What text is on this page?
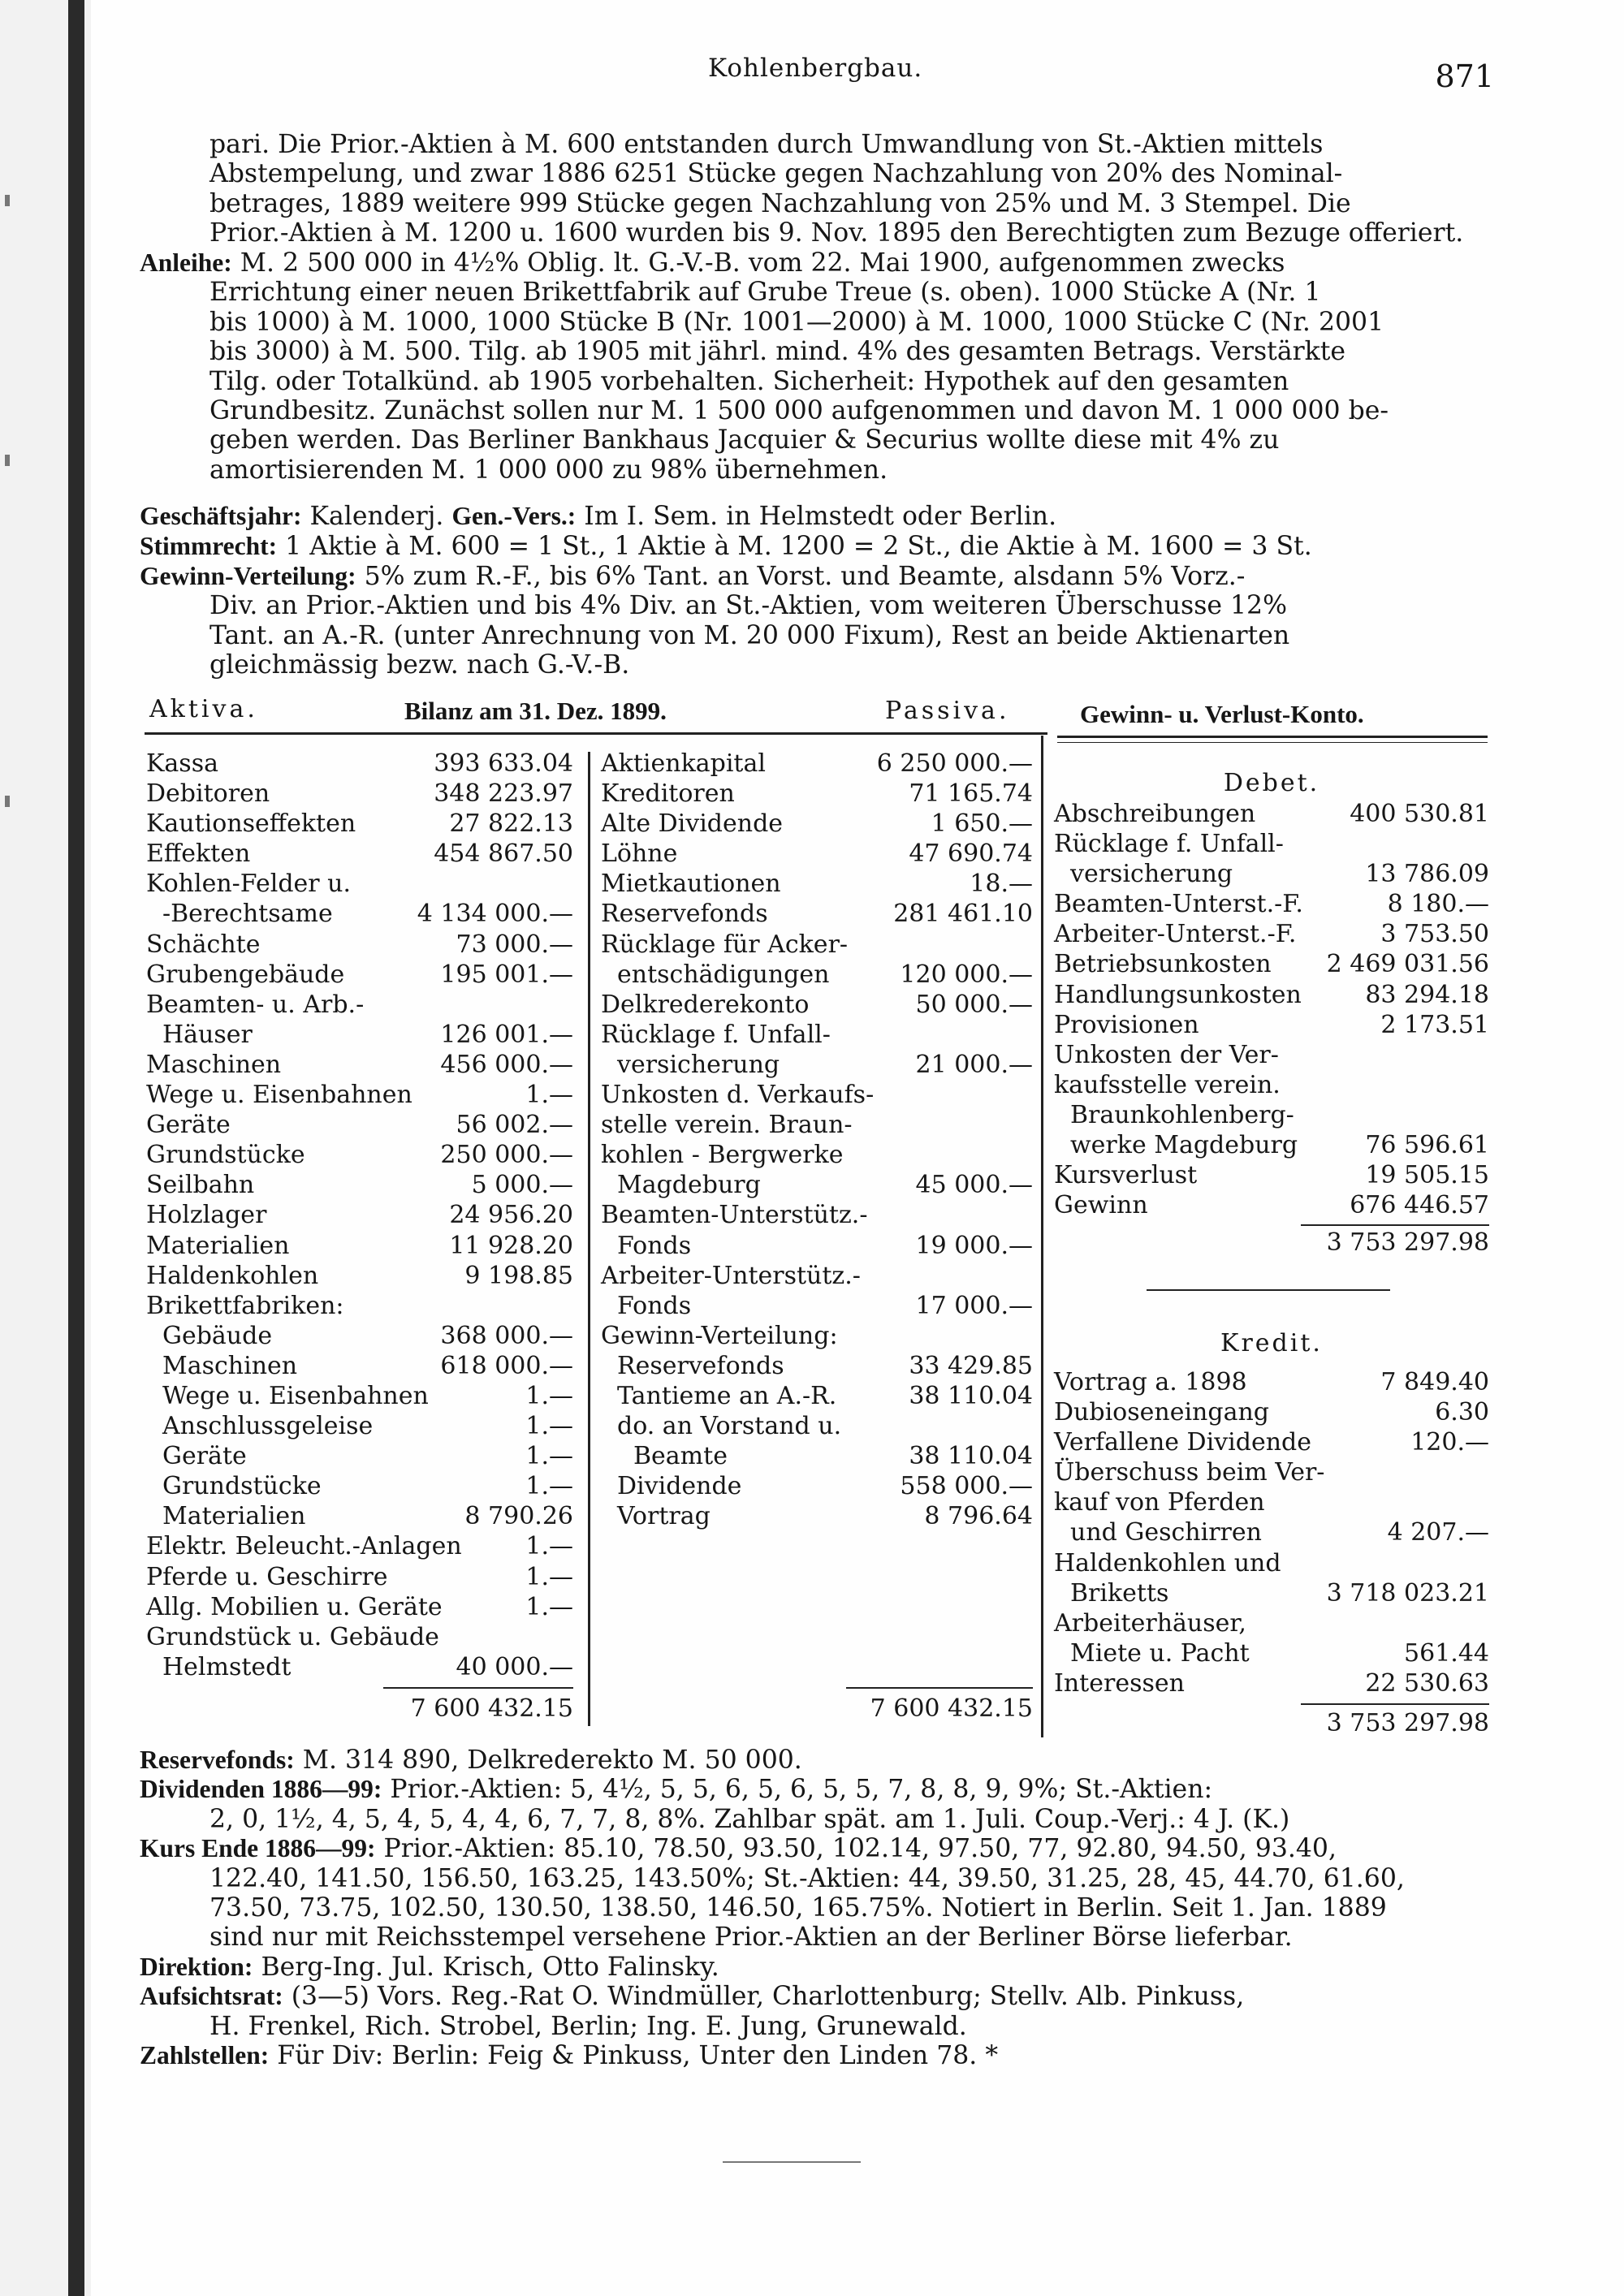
Kohlenbergbau.	871
pari. Die Prior.-Aktien à M. 600 entstanden durch Umwandlung von St.-Aktien mittels
Abstempelung, und zwar 1886 6251 Stücke gegen Nachzahlung von 20% des Nominal-
betrages, 1889 weitere 999 Stücke gegen Nachzahlung von 25% und M. 3 Stempel. Die
Prior.-Aktien à M. 1200 u. 1600 wurden bis 9. Nov. 1895 den Berechtigten zum Bezuge offeriert.
Anleihe: M. 2 500 000 in 4½% Oblig. lt. G.-V.-B. vom 22. Mai 1900, aufgenommen zwecks
Errichtung einer neuen Brikettfabrik auf Grube Treue (s. oben). 1000 Stücke A (Nr. 1
bis 1000) à M. 1000, 1000 Stücke B (Nr. 1001—2000) à M. 1000, 1000 Stücke C (Nr. 2001
bis 3000) à M. 500. Tilg. ab 1905 mit jährl. mind. 4% des gesamten Betrags. Verstärkte
Tilg. oder Totalkünd. ab 1905 vorbehalten. Sicherheit: Hypothek auf den gesamten
Grundbesitz. Zunächst sollen nur M. 1 500 000 aufgenommen und davon M. 1 000 000 be-
geben werden. Das Berliner Bankhaus Jacquier & Securius wollte diese mit 4% zu
amortisierenden M. 1 000 000 zu 98% übernehmen.
Geschäftsjahr: Kalenderj. Gen.-Vers.: Im I. Sem. in Helmstedt oder Berlin.
Stimmrecht: 1 Aktie à M. 600 = 1 St., 1 Aktie à M. 1200 = 2 St., die Aktie à M. 1600 = 3 St.
Gewinn-Verteilung: 5% zum R.-F., bis 6% Tant. an Vorst. und Beamte, alsdann 5% Vorz.-
Div. an Prior.-Aktien und bis 4% Div. an St.-Aktien, vom weiteren Überschusse 12%
Tant. an A.-R. (unter Anrechnung von M. 20 000 Fixum), Rest an beide Aktienarten
gleichmässig bezw. nach G.-V.-B.
Aktiva.	Bilanz am 31. Dez. 1899.	Passiva.	Gewinn- u. Verlust-Konto.
Kassa	393 633.04
Debitoren	348 223.97
Kautionseffekten	27 822.13
Effekten	454 867.50
Kohlen-Felder u.
-Berechtsame	4 134 000.—
Schächte	73 000.—
Grubengebäude	195 001.—
Beamten- u. Arb.-
Häuser	126 001.—
Maschinen	456 000.—
Wege u. Eisenbahnen	1.—
Geräte	56 002.—
Grundstücke	250 000.—
Seilbahn	5 000.—
Holzlager	24 956.20
Materialien	11 928.20
Haldenkohlen	9 198.85
Brikettfabriken:
Gebäude	368 000.—
Maschinen	618 000.—
Wege u. Eisenbahnen	1.—
Anschlussgeleise	1.—
Geräte	1.—
Grundstücke	1.—
Materialien	8 790.26
Elektr. Beleucht.-Anlagen	1.—
Pferde u. Geschirre	1.—
Allg. Mobilien u. Geräte	1.—
Grundstück u. Gebäude
Helmstedt	40 000.—
7 600 432.15
Aktienkapital	6 250 000.—
Kreditoren	71 165.74
Alte Dividende	1 650.—
Löhne	47 690.74
Mietkautionen	18.—
Reservefonds	281 461.10
Rücklage für Acker-
entschädigungen	120 000.—
Delkrederekonto	50 000.—
Rücklage f. Unfall-
versicherung	21 000.—
Unkosten d. Verkaufs-
stelle verein. Braun-
kohlen - Bergwerke
Magdeburg	45 000.—
Beamten-Unterstütz.-
Fonds	19 000.—
Arbeiter-Unterstütz.-
Fonds	17 000.—
Gewinn-Verteilung:
Reservefonds	33 429.85
Tantieme an A.-R.	38 110.04
do. an Vorstand u.
Beamte	38 110.04
Dividende	558 000.—
Vortrag	8 796.64
7 600 432.15
Debet.
Abschreibungen	400 530.81
Rücklage f. Unfall-
versicherung	13 786.09
Beamten-Unterst.-F.	8 180.—
Arbeiter-Unterst.-F.	3 753.50
Betriebsunkosten 2 469 031.56
Handlungsunkosten	83 294.18
Provisionen	2 173.51
Unkosten der Ver-
kaufsstelle verein.
Braunkohlenberg-
werke Magdeburg	76 596.61
Kursverlust	19 505.15
Gewinn	676 446.57
3 753 297.98
Kredit.
Vortrag a. 1898	7 849.40
Dubioseneingang	6.30
Verfallene Dividende	120.—
Überschuss beim Ver-
kauf von Pferden
und Geschirren	4 207.—
Haldenkohlen und
Briketts	3 718 023.21
Arbeiterhäuser,
Miete u. Pacht	561.44
Interessen	22 530.63
3 753 297.98
Reservefonds: M. 314 890, Delkrederekto M. 50 000.
Dividenden 1886—99: Prior.-Aktien: 5, 4½, 5, 5, 6, 5, 6, 5, 5, 7, 8, 8, 9, 9%; St.-Aktien:
2, 0, 1½, 4, 5, 4, 5, 4, 4, 6, 7, 7, 8, 8%. Zahlbar spät. am 1. Juli. Coup.-Verj.: 4 J. (K.)
Kurs Ende 1886—99: Prior.-Aktien: 85.10, 78.50, 93.50, 102.14, 97.50, 77, 92.80, 94.50, 93.40,
122.40, 141.50, 156.50, 163.25, 143.50%; St.-Aktien: 44, 39.50, 31.25, 28, 45, 44.70, 61.60,
73.50, 73.75, 102.50, 130.50, 138.50, 146.50, 165.75%. Notiert in Berlin. Seit 1. Jan. 1889
sind nur mit Reichsstempel versehene Prior.-Aktien an der Berliner Börse lieferbar.
Direktion: Berg-Ing. Jul. Krisch, Otto Falinsky.
Aufsichtsrat: (3—5) Vors. Reg.-Rat O. Windmüller, Charlottenburg; Stellv. Alb. Pinkuss,
H. Frenkel, Rich. Strobel, Berlin; Ing. E. Jung, Grunewald.
Zahlstellen: Für Div: Berlin: Feig & Pinkuss, Unter den Linden 78. *
